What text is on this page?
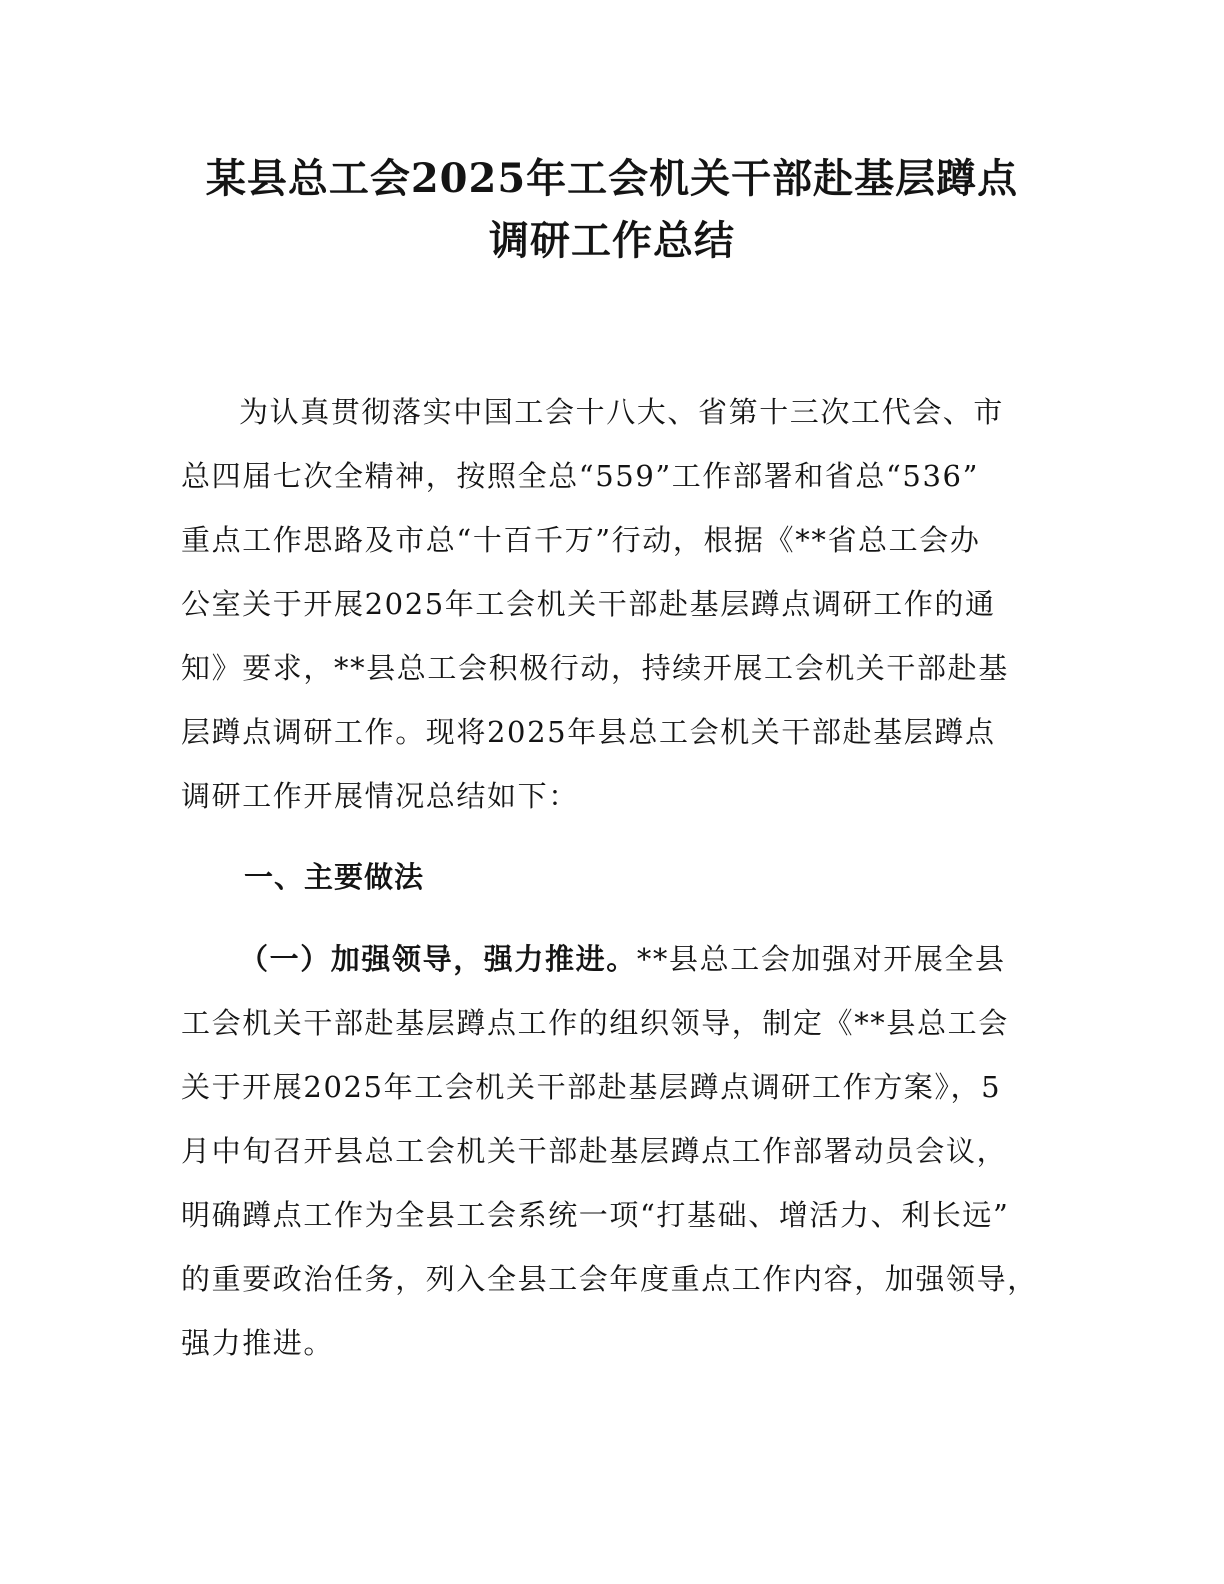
某县总工会2025年工会机关干部赴基层蹲点
调研工作总结
为认真贯彻落实中国工会十八大、省第十三次工代会、市
总四届七次全精神，按照全总“559”工作部署和省总“536”
重点工作思路及市总“十百千万”行动，根据《**省总工会办
公室关于开展2025年工会机关干部赴基层蹲点调研工作的通
知》要求，**县总工会积极行动，持续开展工会机关干部赴基
层蹲点调研工作。现将2025年县总工会机关干部赴基层蹲点
调研工作开展情况总结如下：
一、主要做法
（一）加强领导，强力推进。**县总工会加强对开展全县
工会机关干部赴基层蹲点工作的组织领导，制定《**县总工会
关于开展2025年工会机关干部赴基层蹲点调研工作方案》，5
月中旬召开县总工会机关干部赴基层蹲点工作部署动员会议，
明确蹲点工作为全县工会系统一项“打基础、增活力、利长远”
的重要政治任务，列入全县工会年度重点工作内容，加强领导，
强力推进。
